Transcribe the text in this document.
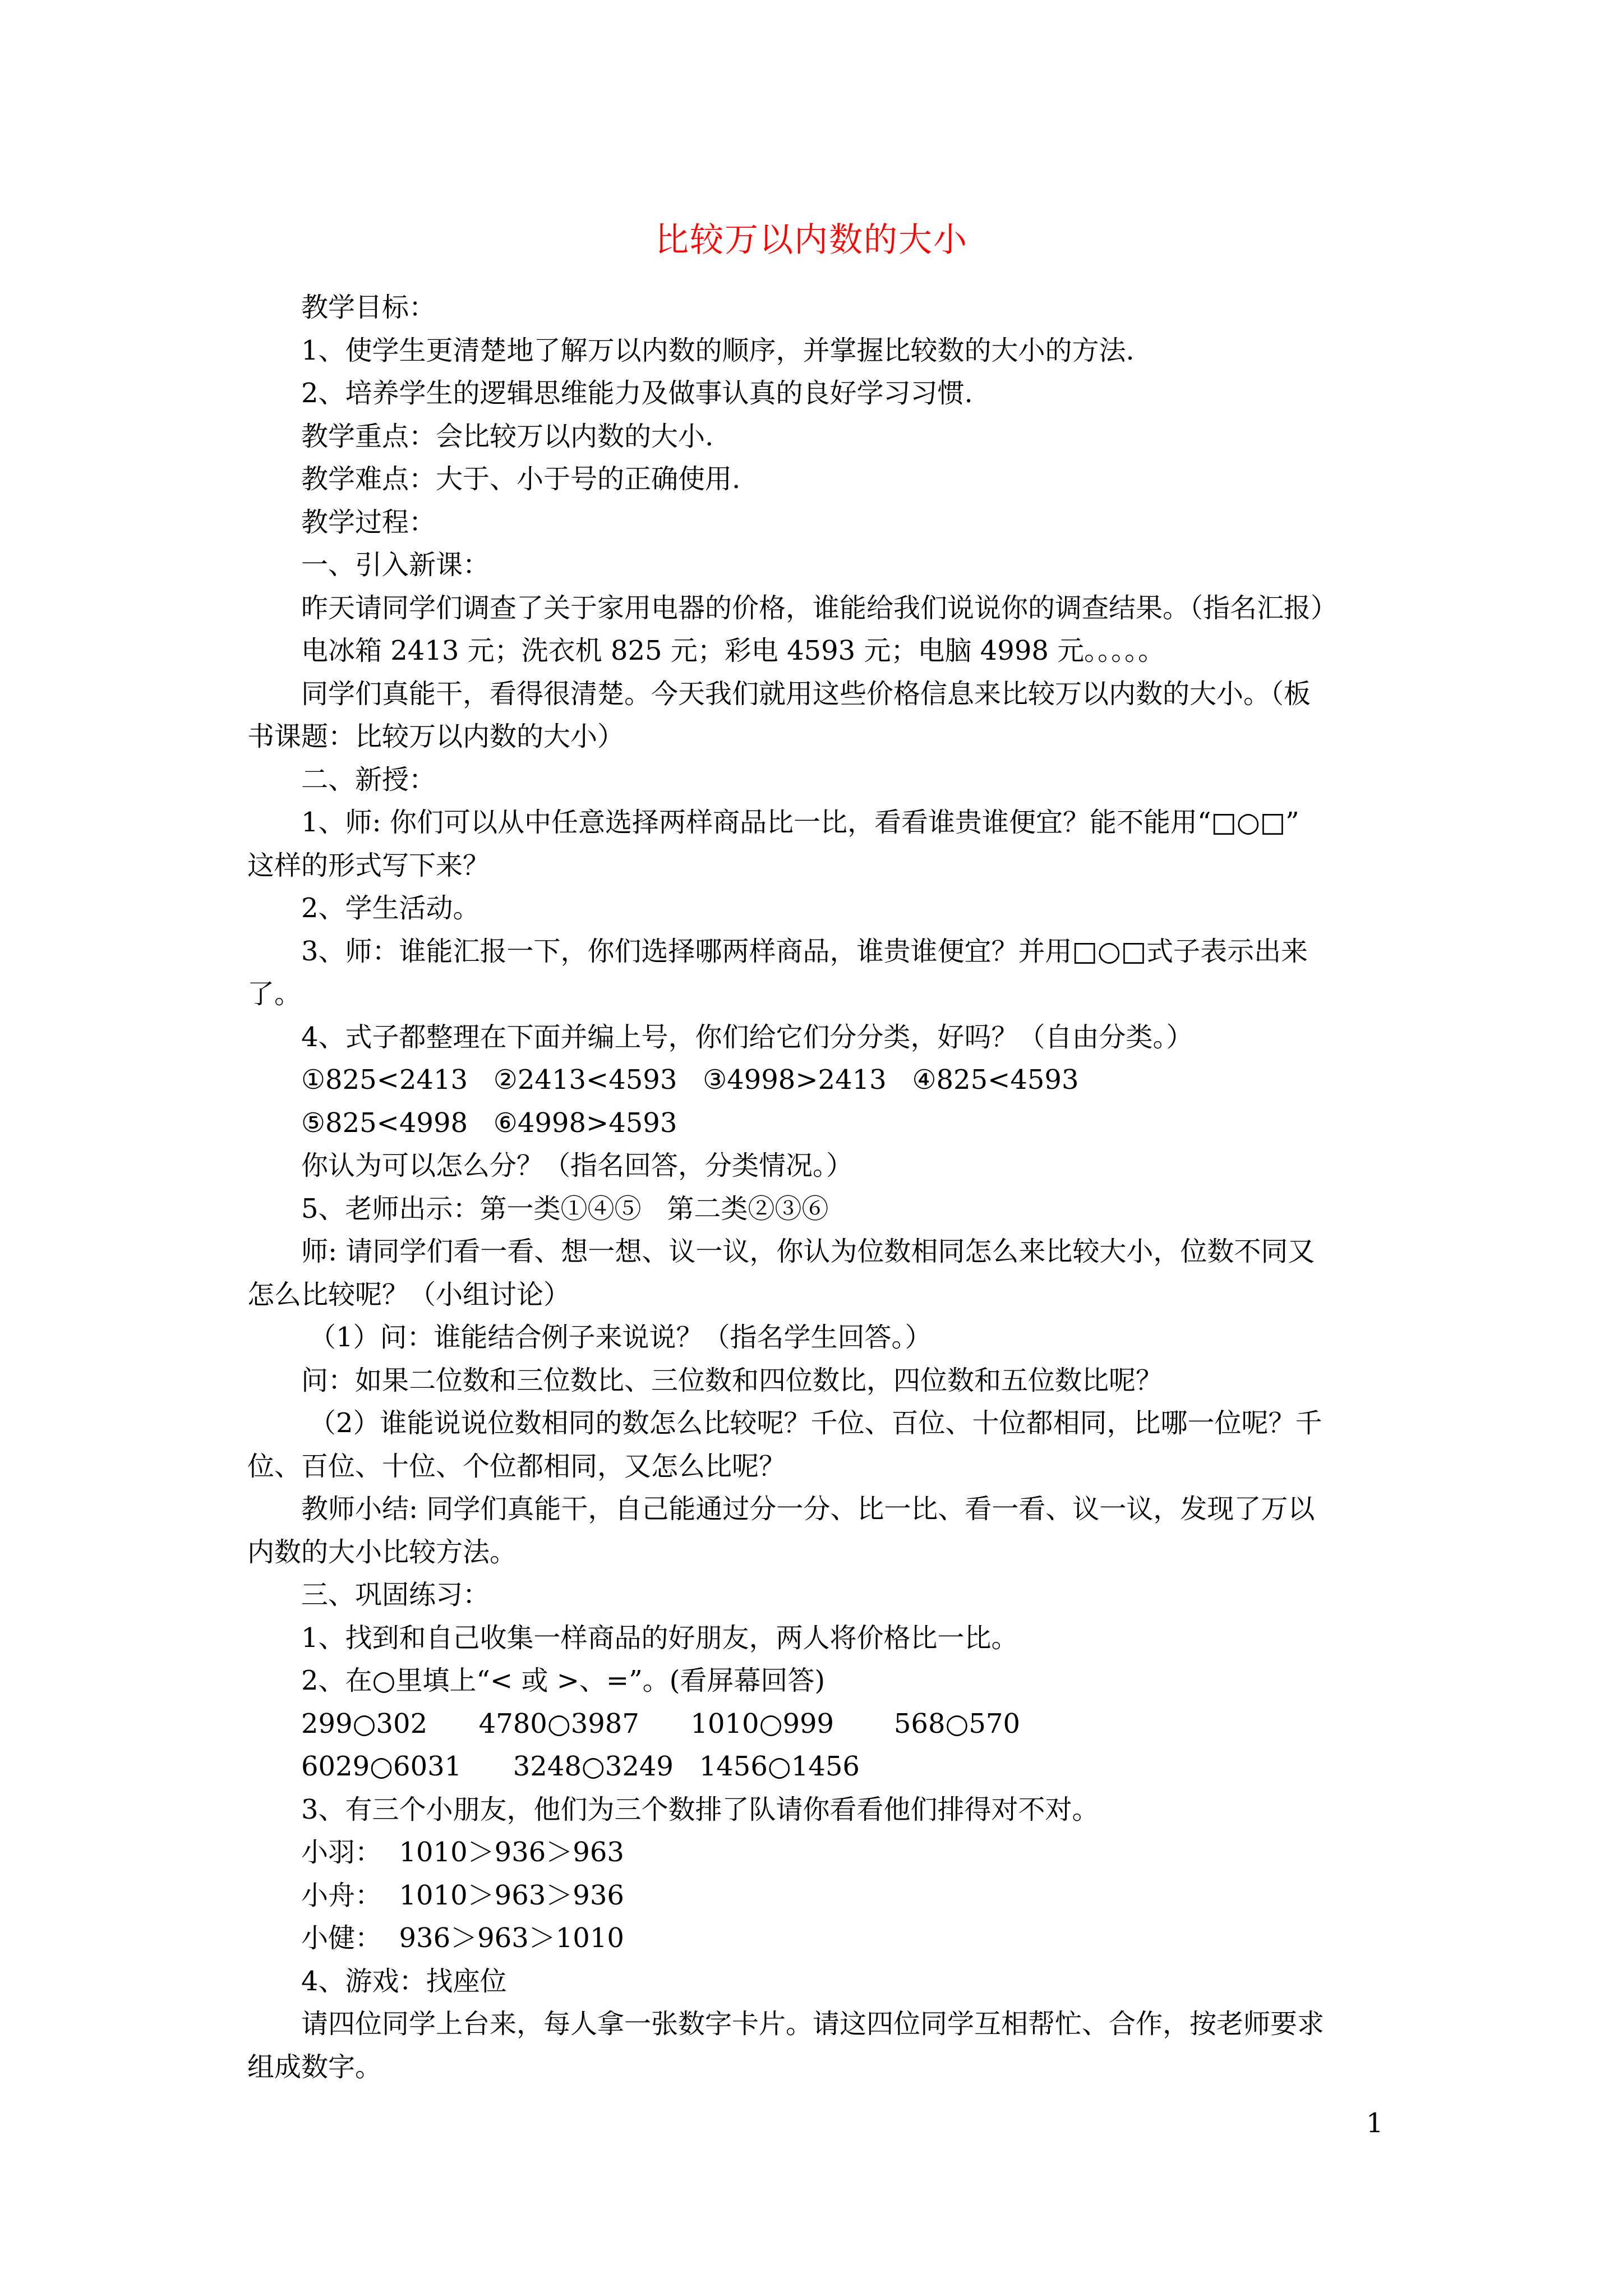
比较万以内数的大小
教学目标：
1、使学生更清楚地了解万以内数的顺序，并掌握比较数的大小的方法.
2、培养学生的逻辑思维能力及做事认真的良好学习习惯.
教学重点：会比较万以内数的大小.
教学难点：大于、小于号的正确使用.
教学过程：
一、引入新课：
昨天请同学们调查了关于家用电器的价格，谁能给我们说说你的调查结果。（指名汇报）
电冰箱 2413 元；洗衣机 825 元；彩电 4593 元；电脑 4998 元。。。。。
同学们真能干，看得很清楚。今天我们就用这些价格信息来比较万以内数的大小。（板
书课题：比较万以内数的大小）
二、新授：
1、师: 你们可以从中任意选择两样商品比一比，看看谁贵谁便宜？能不能用“□○□”
这样的形式写下来？
2、学生活动。
3、师：谁能汇报一下，你们选择哪两样商品，谁贵谁便宜？并用□○□式子表示出来
了。
4、式子都整理在下面并编上号，你们给它们分分类，好吗？（自由分类。）
①825<2413   ②2413<4593   ③4998>2413   ④825<4593
⑤825<4998   ⑥4998>4593
你认为可以怎么分？（指名回答，分类情况。）
5、老师出示：第一类①④⑤   第二类②③⑥
师: 请同学们看一看、想一想、议一议，你认为位数相同怎么来比较大小，位数不同又
怎么比较呢？（小组讨论）
（1）问：谁能结合例子来说说？（指名学生回答。）
问：如果二位数和三位数比、三位数和四位数比，四位数和五位数比呢？
（2）谁能说说位数相同的数怎么比较呢？千位、百位、十位都相同，比哪一位呢？千
位、百位、十位、个位都相同，又怎么比呢？
教师小结: 同学们真能干，自己能通过分一分、比一比、看一看、议一议，发现了万以
内数的大小比较方法。
三、巩固练习：
1、找到和自己收集一样商品的好朋友，两人将价格比一比。
2、在○里填上“< 或 >、=”。(看屏幕回答)
299○302      4780○3987      1010○999       568○570
6029○6031      3248○3249   1456○1456
3、有三个小朋友，他们为三个数排了队请你看看他们排得对不对。
小羽：  1010＞936＞963
小舟：  1010＞963＞936
小健：  936＞963＞1010
4、游戏：找座位
请四位同学上台来，每人拿一张数字卡片。请这四位同学互相帮忙、合作，按老师要求
组成数字。
1
